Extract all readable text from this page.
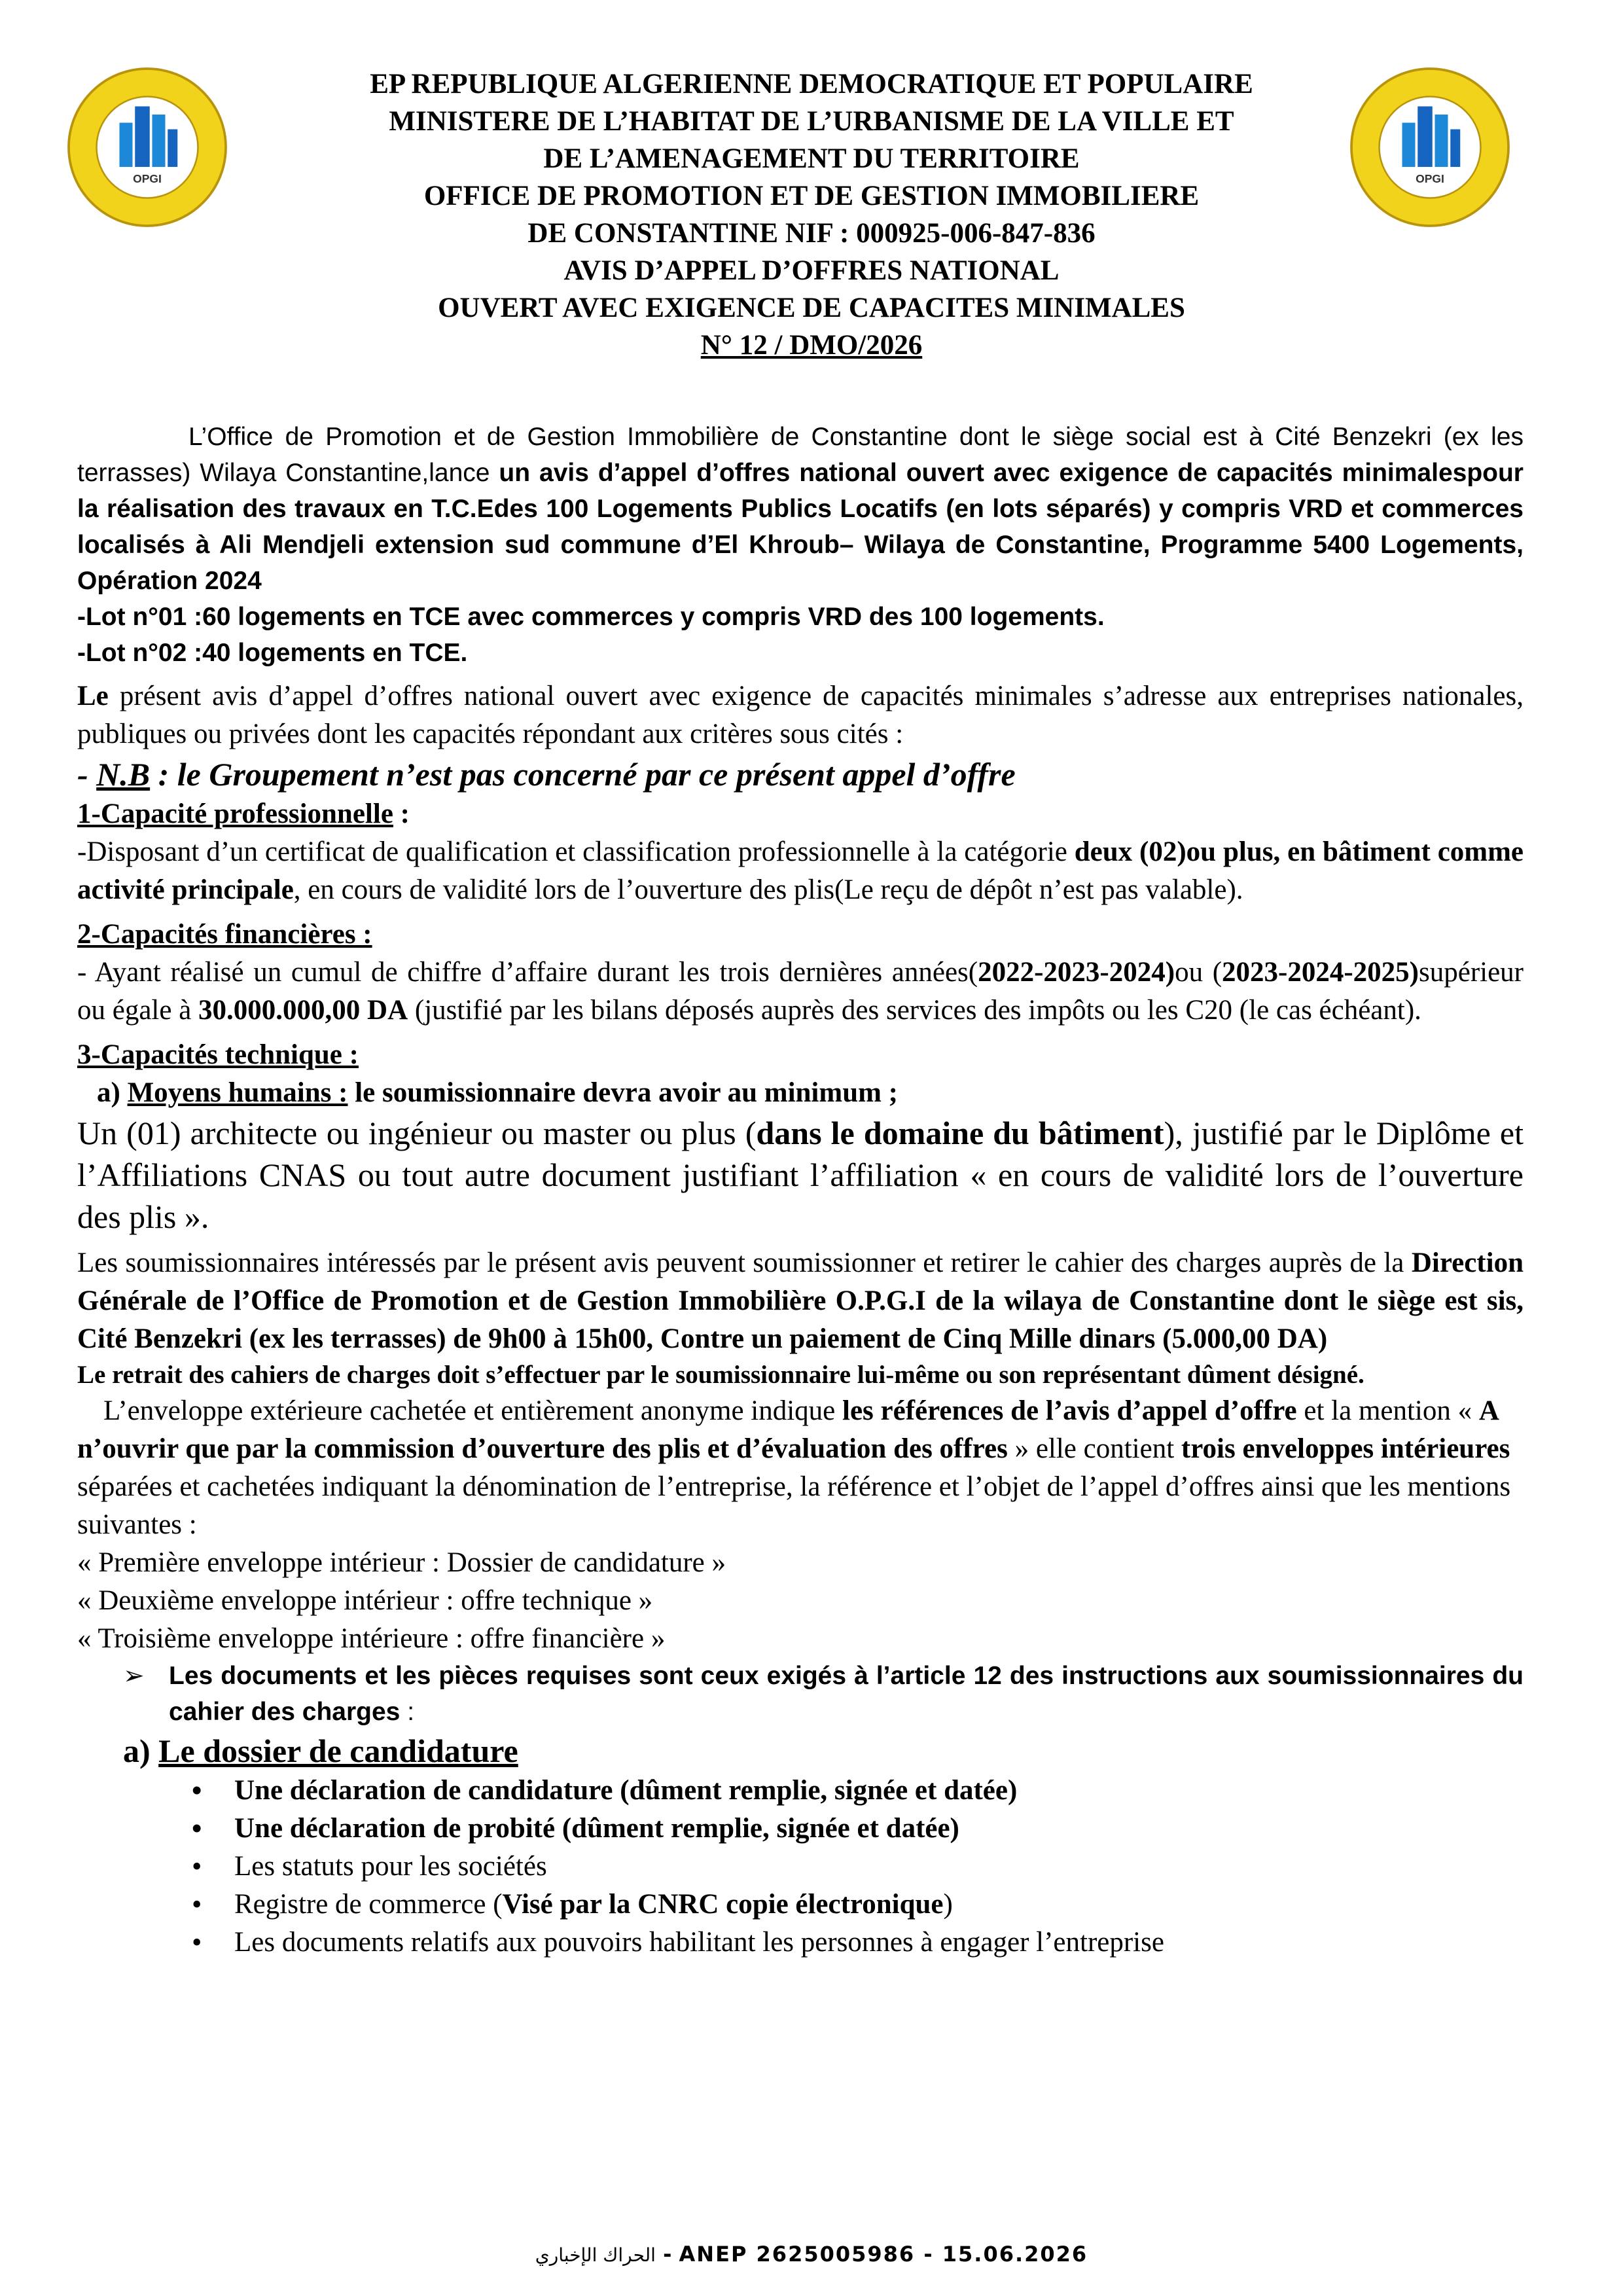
OPGI	OPGI
EP REPUBLIQUE ALGERIENNE DEMOCRATIQUE ET POPULAIRE
MINISTERE DE L’HABITAT DE L’URBANISME DE LA VILLE ET
DE L’AMENAGEMENT DU TERRITOIRE
OFFICE DE PROMOTION ET DE GESTION IMMOBILIERE
DE CONSTANTINE NIF : 000925-006-847-836
AVIS D’APPEL D’OFFRES NATIONAL
OUVERT AVEC EXIGENCE DE CAPACITES MINIMALES
N° 12 / DMO/2026

L’Office de Promotion et de Gestion Immobilière de Constantine dont le siège social est à Cité Benzekri (ex les terrasses) Wilaya Constantine,lance un avis d’appel d’offres national ouvert avec exigence de capacités minimalespour la réalisation des travaux en T.C.Edes 100 Logements Publics Locatifs (en lots séparés) y compris VRD et commerces localisés à Ali Mendjeli extension sud commune d’El Khroub– Wilaya de Constantine, Programme 5400 Logements, Opération 2024

-Lot n°01 :60 logements en TCE avec commerces y compris VRD des 100 logements.

-Lot n°02 :40 logements en TCE.

Le présent avis d’appel d’offres national ouvert avec exigence de capacités minimales s’adresse aux entreprises nationales, publiques ou privées dont les capacités répondant aux critères sous cités :

- N.B : le Groupement n’est pas concerné par ce présent appel d’offre

1-Capacité professionnelle :

-Disposant d’un certificat de qualification et classification professionnelle à la catégorie deux (02)ou plus, en bâtiment comme activité principale, en cours de validité lors de l’ouverture des plis(Le reçu de dépôt n’est pas valable).

2-Capacités financières :

- Ayant réalisé un cumul de chiffre d’affaire durant les trois dernières années(2022-2023-2024)ou (2023-2024-2025)supérieur ou égale à 30.000.000,00 DA (justifié par les bilans déposés auprès des services des impôts ou les C20 (le cas échéant).

3-Capacités technique :

a) Moyens humains : le soumissionnaire devra avoir au minimum ;

Un (01) architecte ou ingénieur ou master ou plus (dans le domaine du bâtiment), justifié par le Diplôme et l’Affiliations CNAS ou tout autre document justifiant l’affiliation « en cours de validité lors de l’ouverture des plis ».

Les soumissionnaires intéressés par le présent avis peuvent soumissionner et retirer le cahier des charges auprès de la Direction Générale de l’Office de Promotion et de Gestion Immobilière O.P.G.I de la wilaya de Constantine dont le siège est sis, Cité Benzekri (ex les terrasses) de 9h00 à 15h00, Contre un paiement de Cinq Mille dinars (5.000,00 DA)

Le retrait des cahiers de charges doit s’effectuer par le soumissionnaire lui-même ou son représentant dûment désigné.

L’enveloppe extérieure cachetée et entièrement anonyme indique les références de l’avis d’appel d’offre et la mention « A n’ouvrir que par la commission d’ouverture des plis et d’évaluation des offres » elle contient trois enveloppes intérieures séparées et cachetées indiquant la dénomination de l’entreprise, la référence et l’objet de l’appel d’offres ainsi que les mentions suivantes :

« Première enveloppe intérieur : Dossier de candidature »

« Deuxième enveloppe intérieur : offre technique »

« Troisième enveloppe intérieure : offre financière »

➢ Les documents et les pièces requises sont ceux exigés à l’article 12 des instructions aux soumissionnaires du cahier des charges :

a) Le dossier de candidature

• Une déclaration de candidature (dûment remplie, signée et datée)
• Une déclaration de probité (dûment remplie, signée et datée)
• Les statuts pour les sociétés
• Registre de commerce (Visé par la CNRC copie électronique)
• Les documents relatifs aux pouvoirs habilitant les personnes à engager l’entreprise
الحراك الإخباري - ANEP 2625005986 - 15.06.2026
